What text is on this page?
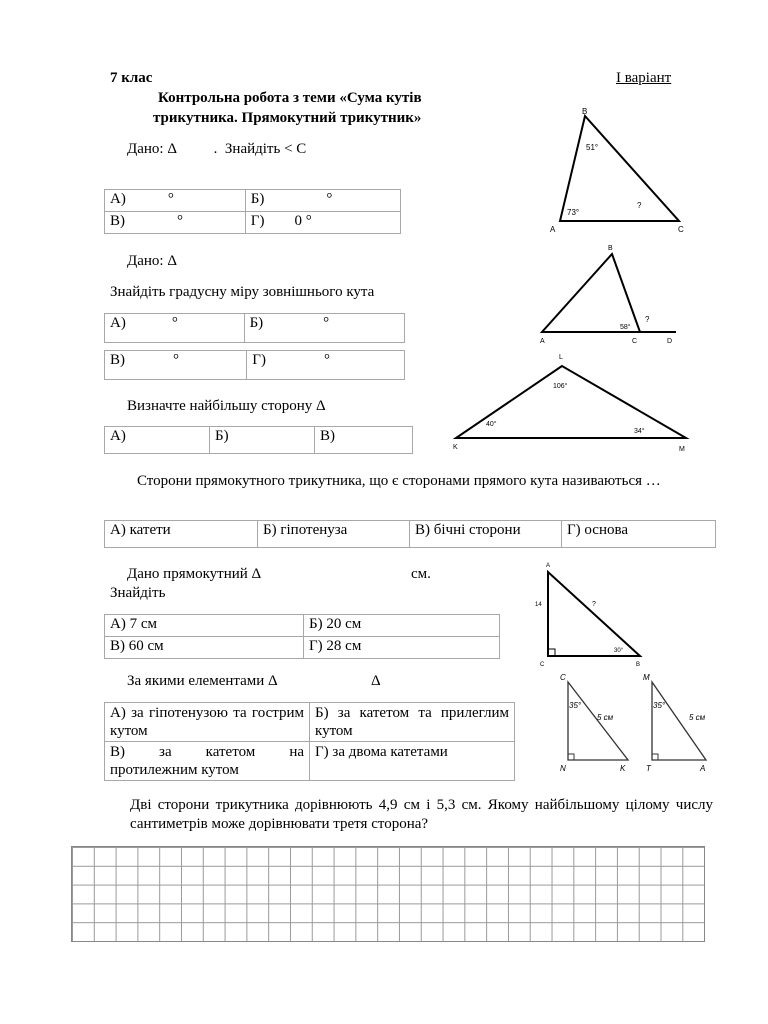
7 клас	І варіант
Контрольна робота з теми «Сума кутів
трикутника. Прямокутний трикутник»
Дано: Δ          .  Знайдіть < С
А) °	Б) °
В) °	Г) 0 °
B
A	C
51°
73°
?
Дано: Δ
Знайдіть градусну міру зовнішнього кута
А)	°	Б)	°
В)	°	Г)	°
B
A	C	D
58°
?
Визначте найбільшу сторону Δ
А)	Б)	В)
L
K	M
106°
40°
34°
Сторони прямокутного трикутника, що є сторонами прямого кута називаються …
А) катети	Б) гіпотенуза	В) бічні сторони	Г) основа
Дано прямокутний Δ	см.
Знайдіть
А) 7 см	Б) 20 см
В) 60 см	Г) 28 см
A
C	B
14
30°
?
За якими елементами Δ	Δ
А) за гіпотенузою та гострим кутом	Б) за катетом та прилеглим кутом
В) за катетом на протилежним кутом	Г) за двома катетами
C
N	K
35°
5 см
M
T	A
35°
5 см
Дві сторони трикутника дорівнюють 4,9 см і 5,3 см. Якому найбільшому цілому числу сантиметрів може дорівнювати третя сторона?
